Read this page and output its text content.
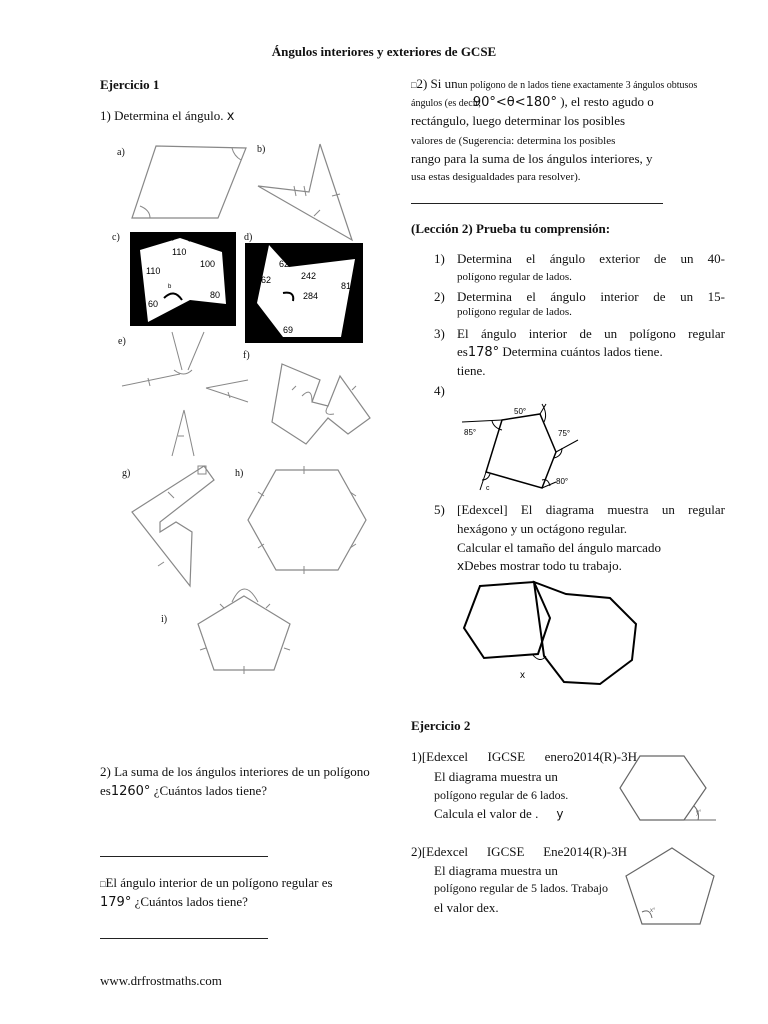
Ángulos interiores y exteriores de GCSE
Ejercicio 1
1) Determina el ángulo. x
a)	b)
c)	d)
e)
f)
g)	h)
i)
110
100
110
80
60
b
62
242
62
284
81
69
2) La suma de los ángulos interiores de un polígono
es1260° ¿Cuántos lados tiene?
□El ángulo interior de un polígono regular es
179° ¿Cuántos lados tiene?
www.drfrostmaths.com
□2) Si unun polígono de n lados tiene exactamente 3 ángulos obtusos
ángulos (es decir,90°<θ<180° ), el resto agudo o
rectángulo, luego determinar los posibles
valores de (Sugerencia: determina los posibles
rango para la suma de los ángulos interiores, y
usa estas desigualdades para resolver).
(Lección 2) Prueba tu comprensión:
1) Determina el ángulo exterior de un 40-
polígono regular de lados.
2) Determina el ángulo interior de un 15-
polígono regular de lados.
3) El ángulo interior de un polígono regular
es178° Determina cuántos lados tiene.
tiene.
4)
50°
85°	75°
80°
c
5) [Edexcel] El diagrama muestra un regular
hexágono y un octágono regular.
Calcular el tamaño del ángulo marcado
xDebes mostrar todo tu trabajo.
x
Ejercicio 2
1)[Edexcel IGCSE enero2014(R)-3H
El diagrama muestra un
polígono regular de 6 lados.
Calcula el valor de . y	y°
2)[Edexcel IGCSE Ene2014(R)-3H
El diagrama muestra un
polígono regular de 5 lados. Trabajo
el valor dex.	x°
